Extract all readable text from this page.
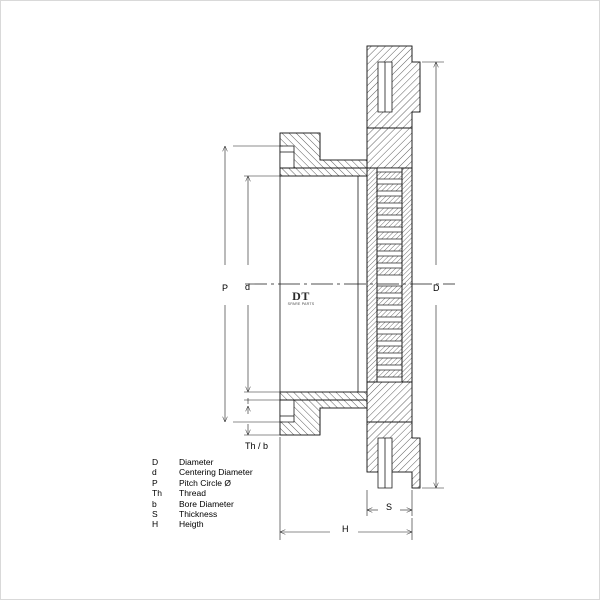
P d	D
Th / b
S
H
DT
SPARE PARTS
D	Diameter
d	Centering Diameter
P	Pitch Circle Ø
Th	Thread
b	Bore Diameter
S	Thickness
H	Heigth
